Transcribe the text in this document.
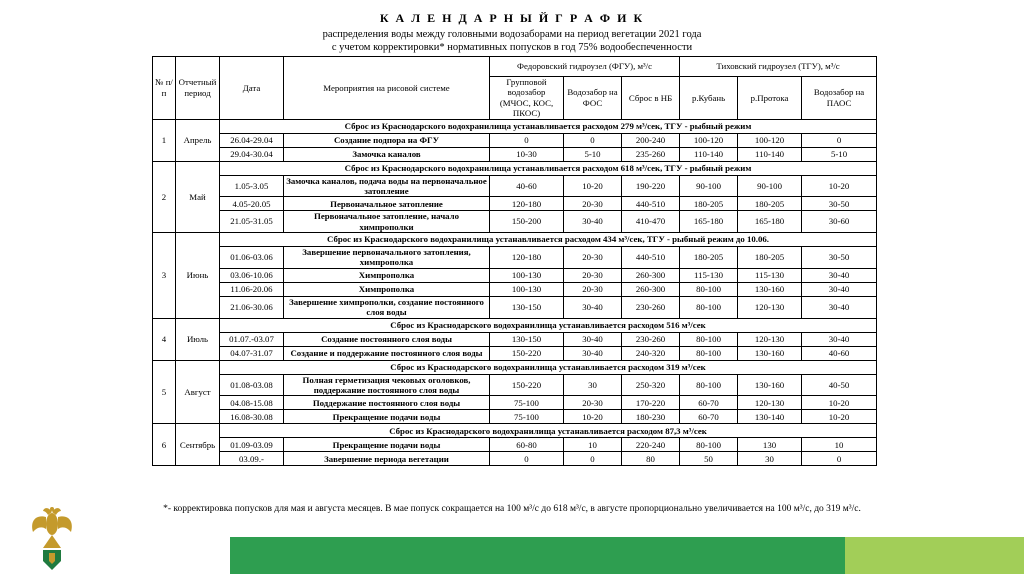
К А Л Е Н Д А Р Н Ы Й Г Р А Ф И К
распределения воды между головными водозаборами на период вегетации 2021 года
с учетом корректировки* нормативных попусков в год 75% водообеспеченности
№ п/п	Отчетный период	Дата	Мероприятия на рисовой системе	Федоровский гидроузел (ФГУ), м³/с			Тиховский гидроузел (ТГУ), м³/с		
				Групповой водозабор (МЧОС, КОС, ПКОС)	Водозабор на ФОС	Сброс в НБ	р.Кубань	р.Протока	Водозабор на ПАОС
1	Апрель	Сброс из Краснодарского водохранилища устанавливается расходом 279 м³/сек, ТГУ - рыбный режим							
		26.04-29.04	Создание подпора на ФГУ	0	0	200-240	100-120	100-120	0
		29.04-30.04	Замочка каналов	10-30	5-10	235-260	110-140	110-140	5-10
2	Май	Сброс из Краснодарского водохранилища устанавливается расходом 618 м³/сек, ТГУ - рыбный режим							
		1.05-3.05	Замочка каналов, подача воды на первоначальное затопление	40-60	10-20	190-220	90-100	90-100	10-20
		4.05-20.05	Первоначальное затопление	120-180	20-30	440-510	180-205	180-205	30-50
		21.05-31.05	Первоначальное затопление, начало химпрополки	150-200	30-40	410-470	165-180	165-180	30-60
3	Июнь	Сброс из Краснодарского водохранилища устанавливается расходом 434 м³/сек, ТГУ - рыбный режим до 10.06.							
		01.06-03.06	Завершение первоначального затопления, химпрополка	120-180	20-30	440-510	180-205	180-205	30-50
		03.06-10.06	Химпрополка	100-130	20-30	260-300	115-130	115-130	30-40
		11.06-20.06	Химпрополка	100-130	20-30	260-300	80-100	130-160	30-40
		21.06-30.06	Завершение химпрополки, создание постоянного слоя воды	130-150	30-40	230-260	80-100	120-130	30-40
4	Июль	Сброс из Краснодарского водохранилища устанавливается расходом 516 м³/сек							
		01.07.-03.07	Создание постоянного слоя воды	130-150	30-40	230-260	80-100	120-130	30-40
		04.07-31.07	Создание и поддержание постоянного слоя воды	150-220	30-40	240-320	80-100	130-160	40-60
5	Август	Сброс из Краснодарского водохранилища устанавливается расходом 319 м³/сек							
		01.08-03.08	Полная герметизация чековых оголовков, поддержание постоянного слоя воды	150-220	30	250-320	80-100	130-160	40-50
		04.08-15.08	Поддержание постоянного слоя воды	75-100	20-30	170-220	60-70	120-130	10-20
		16.08-30.08	Прекращение подачи воды	75-100	10-20	180-230	60-70	130-140	10-20
6	Сентябрь	Сброс из Краснодарского водохранилища устанавливается расходом 87,3 м³/сек							
		01.09-03.09	Прекращение подачи воды	60-80	10	220-240	80-100	130	10
		03.09.-	Завершение периода вегетации	0	0	80	50	30	0
*- корректировка попусков для мая и августа месяцев. В мае попуск сокращается на 100 м³/с до 618 м³/с, в августе пропорционально увеличивается на 100 м³/с, до 319 м³/с.
